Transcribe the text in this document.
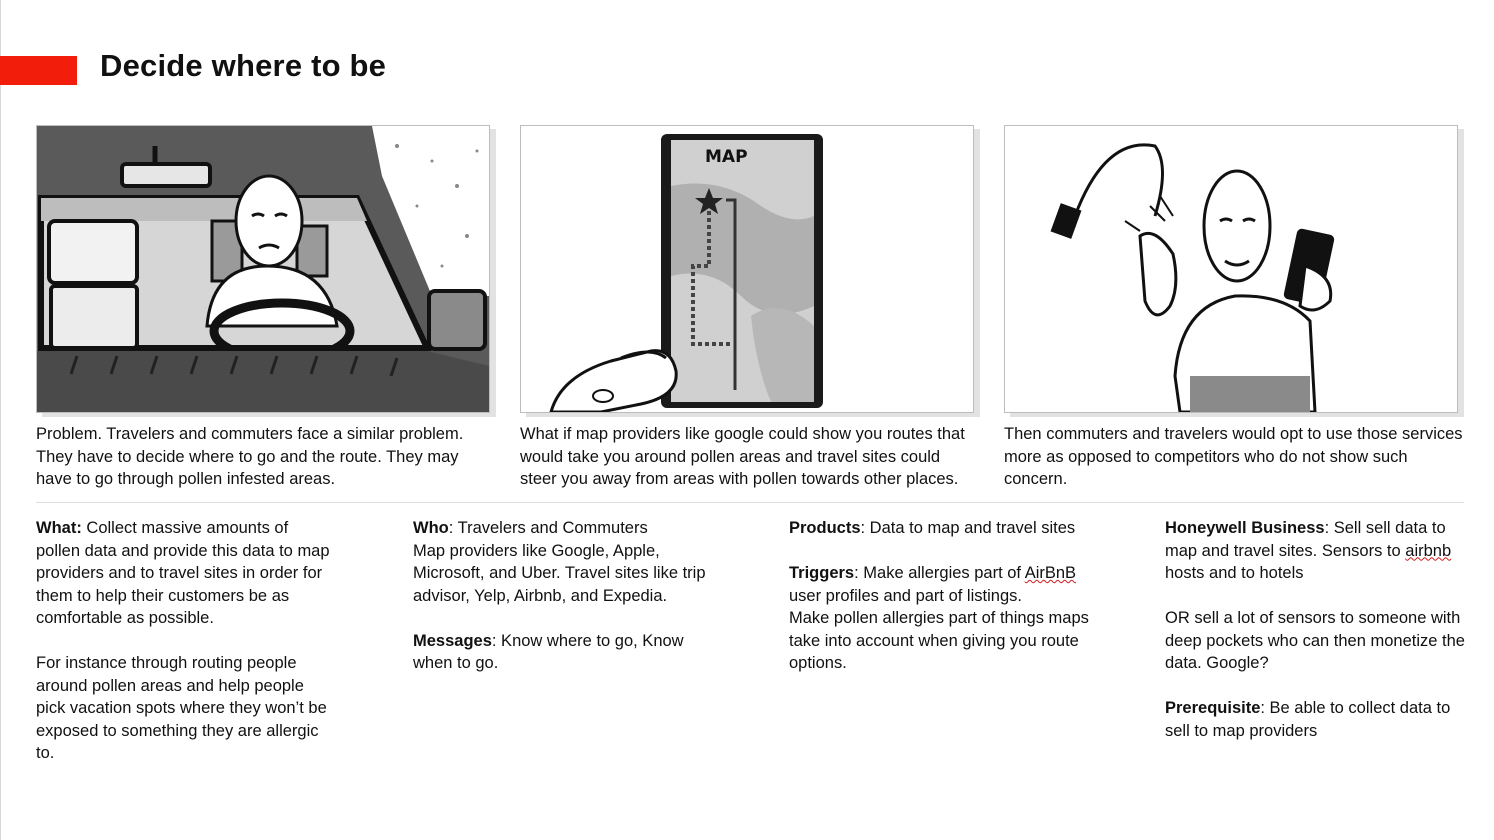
Decide where to be
MAP
Problem. Travelers and commuters face a similar problem. They have to decide where to go and the route. They may have to go through pollen infested areas.
What if map providers like google could show you routes that would take you around pollen areas and travel sites could steer you away from areas with pollen towards other places.
Then commuters and travelers would opt to use those services more as opposed to competitors who do not show such concern.

What: Collect massive amounts of pollen data and provide this data to map providers and to travel sites in order for them to help their customers be as comfortable as possible.

For instance through routing people around pollen areas and help people pick vacation spots where they won’t be exposed to something they are allergic to.

Who: Travelers and Commuters
Map providers like Google, Apple, Microsoft, and Uber. Travel sites like trip advisor, Yelp, Airbnb, and Expedia.

Messages: Know where to go, Know when to go.

Products: Data to map and travel sites

Triggers: Make allergies part of AirBnB user profiles and part of listings.
Make pollen allergies part of things maps take into account when giving you route options.

Honeywell Business: Sell sell data to map and travel sites. Sensors to airbnb hosts and to hotels

OR sell a lot of sensors to someone with deep pockets who can then monetize the data. Google?

Prerequisite: Be able to collect data to sell to map providers
